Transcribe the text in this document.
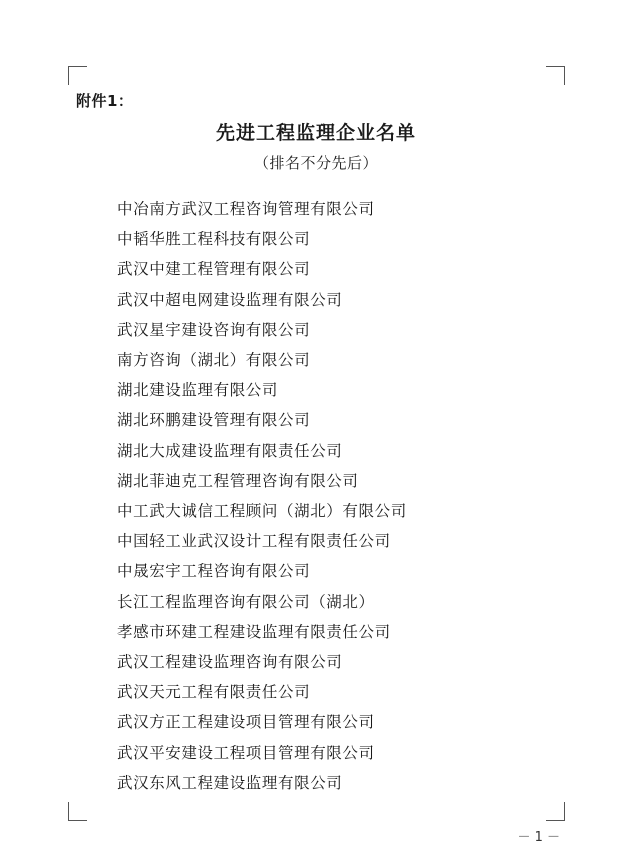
附件1：
先进工程监理企业名单
（排名不分先后）
中冶南方武汉工程咨询管理有限公司
中韬华胜工程科技有限公司
武汉中建工程管理有限公司
武汉中超电网建设监理有限公司
武汉星宇建设咨询有限公司
南方咨询（湖北）有限公司
湖北建设监理有限公司
湖北环鹏建设管理有限公司
湖北大成建设监理有限责任公司
湖北菲迪克工程管理咨询有限公司
中工武大诚信工程顾问（湖北）有限公司
中国轻工业武汉设计工程有限责任公司
中晟宏宇工程咨询有限公司
长江工程监理咨询有限公司（湖北）
孝感市环建工程建设监理有限责任公司
武汉工程建设监理咨询有限公司
武汉天元工程有限责任公司
武汉方正工程建设项目管理有限公司
武汉平安建设工程项目管理有限公司
武汉东风工程建设监理有限公司
－ 1 －
